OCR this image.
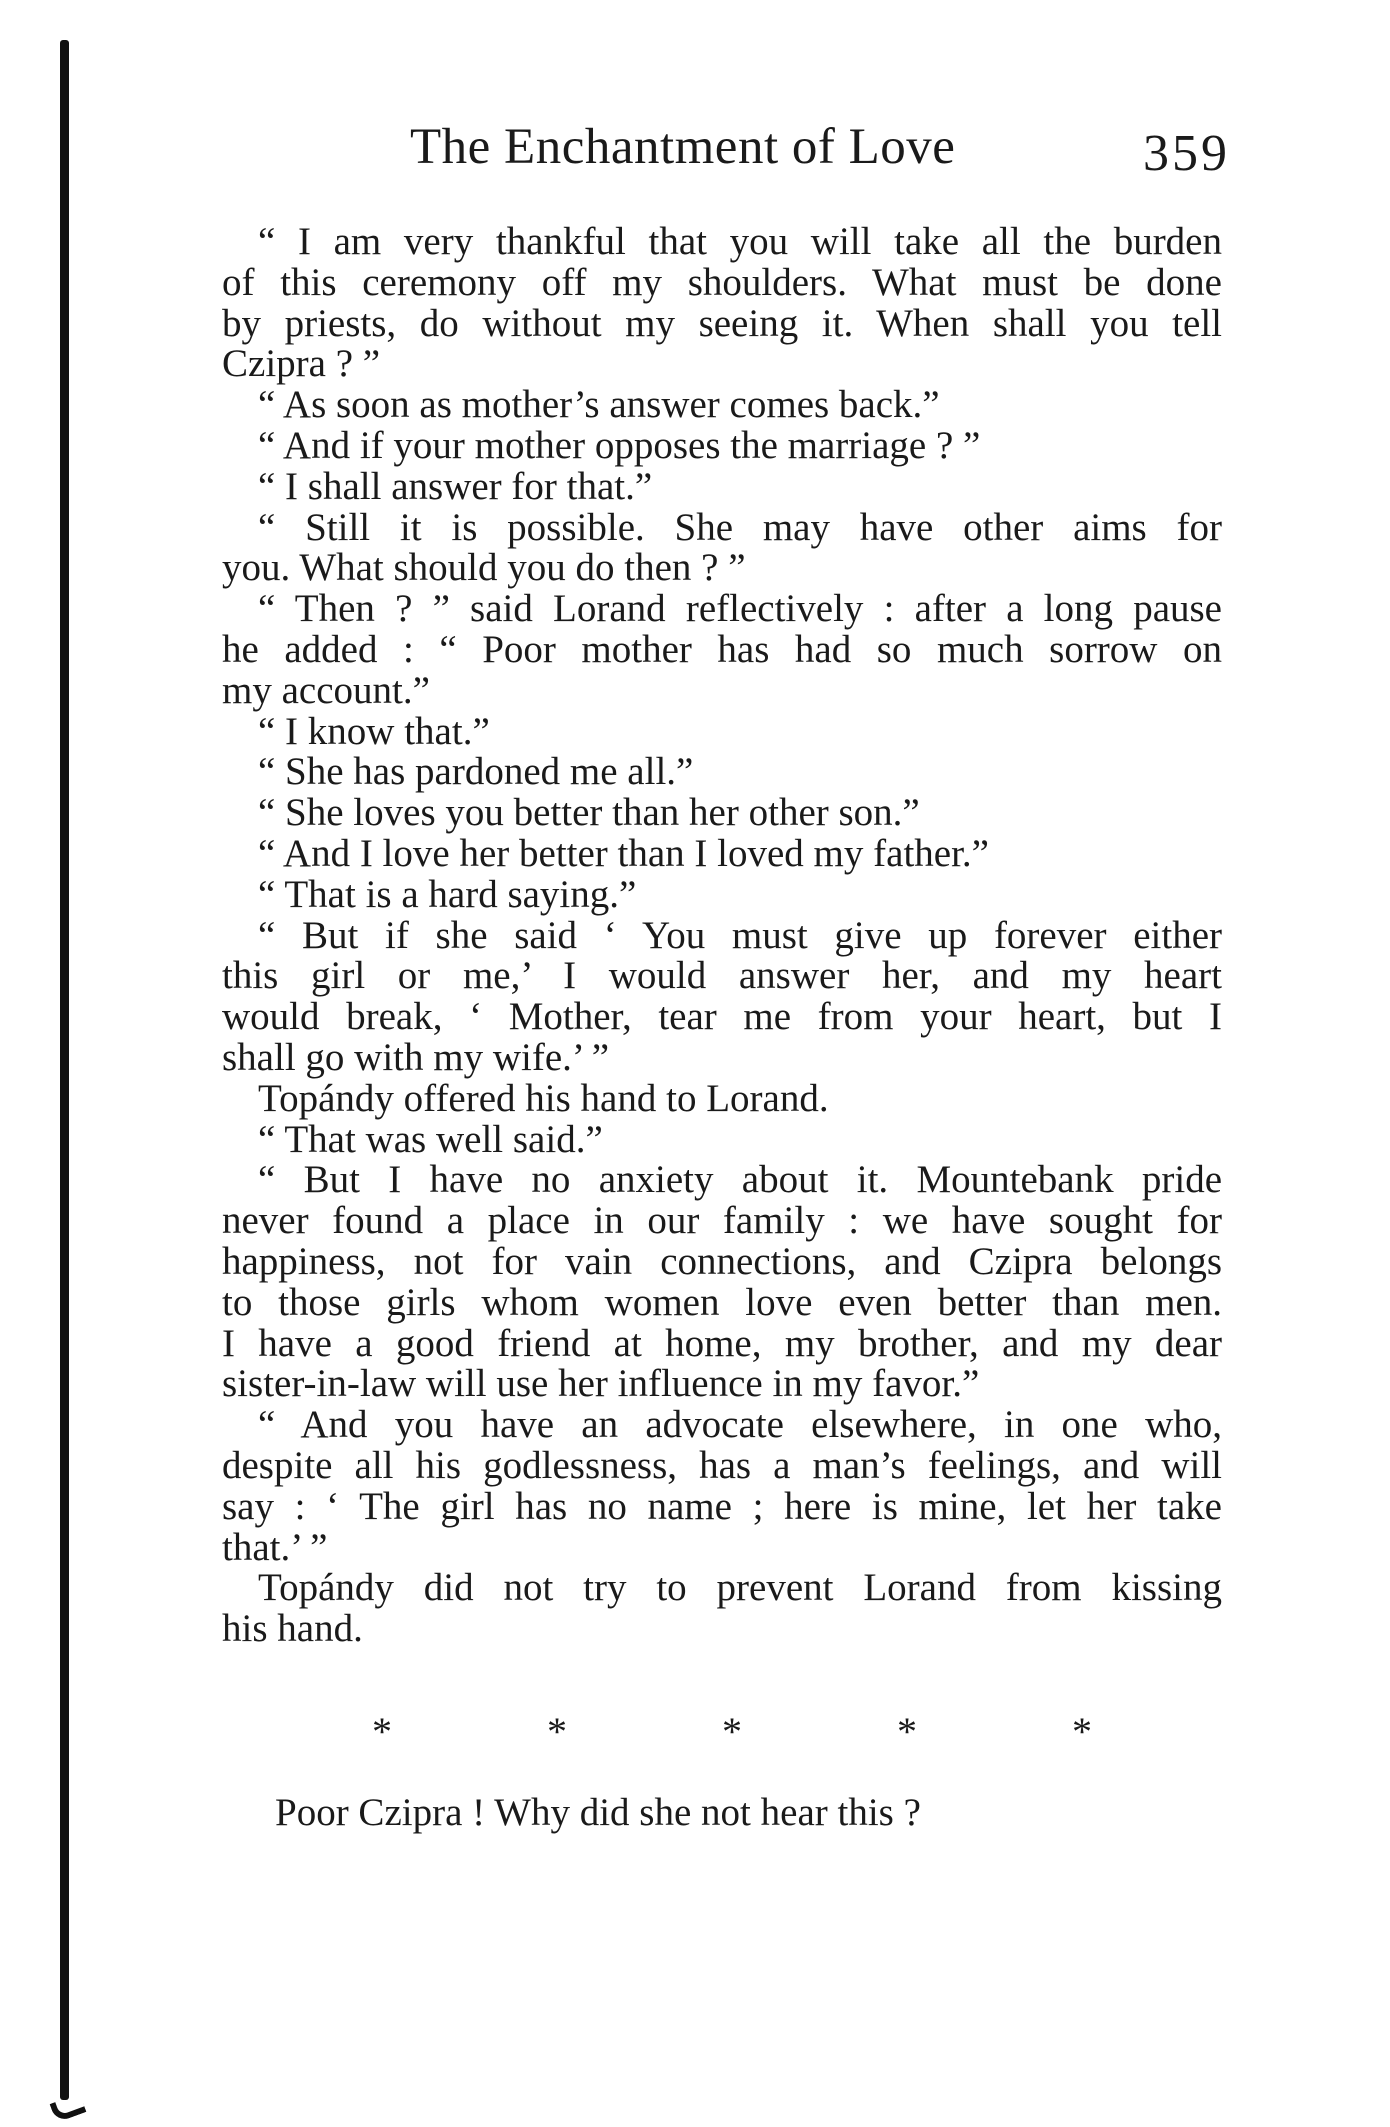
The Enchantment of Love	359
“ I am very thankful that you will take all the burden
of this ceremony off my shoulders. What must be done
by priests, do without my seeing it. When shall you tell
Czipra ? ”
“ As soon as mother’s answer comes back.”
“ And if your mother opposes the marriage ? ”
“ I shall answer for that.”
“ Still it is possible. She may have other aims for
you. What should you do then ? ”
“ Then ? ” said Lorand reflectively : after a long pause
he added : “ Poor mother has had so much sorrow on
my account.”
“ I know that.”
“ She has pardoned me all.”
“ She loves you better than her other son.”
“ And I love her better than I loved my father.”
“ That is a hard saying.”
“ But if she said ‘ You must give up forever either
this girl or me,’ I would answer her, and my heart
would break, ‘ Mother, tear me from your heart, but I
shall go with my wife.’ ”
Topándy offered his hand to Lorand.
“ That was well said.”
“ But I have no anxiety about it. Mountebank pride
never found a place in our family : we have sought for
happiness, not for vain connections, and Czipra belongs
to those girls whom women love even better than men.
I have a good friend at home, my brother, and my dear
sister-in-law will use her influence in my favor.”
“ And you have an advocate elsewhere, in one who,
despite all his godlessness, has a man’s feelings, and will
say : ‘ The girl has no name ; here is mine, let her take
that.’ ”
Topándy did not try to prevent Lorand from kissing
his hand.
*	*	*	*	*
Poor Czipra ! Why did she not hear this ?
